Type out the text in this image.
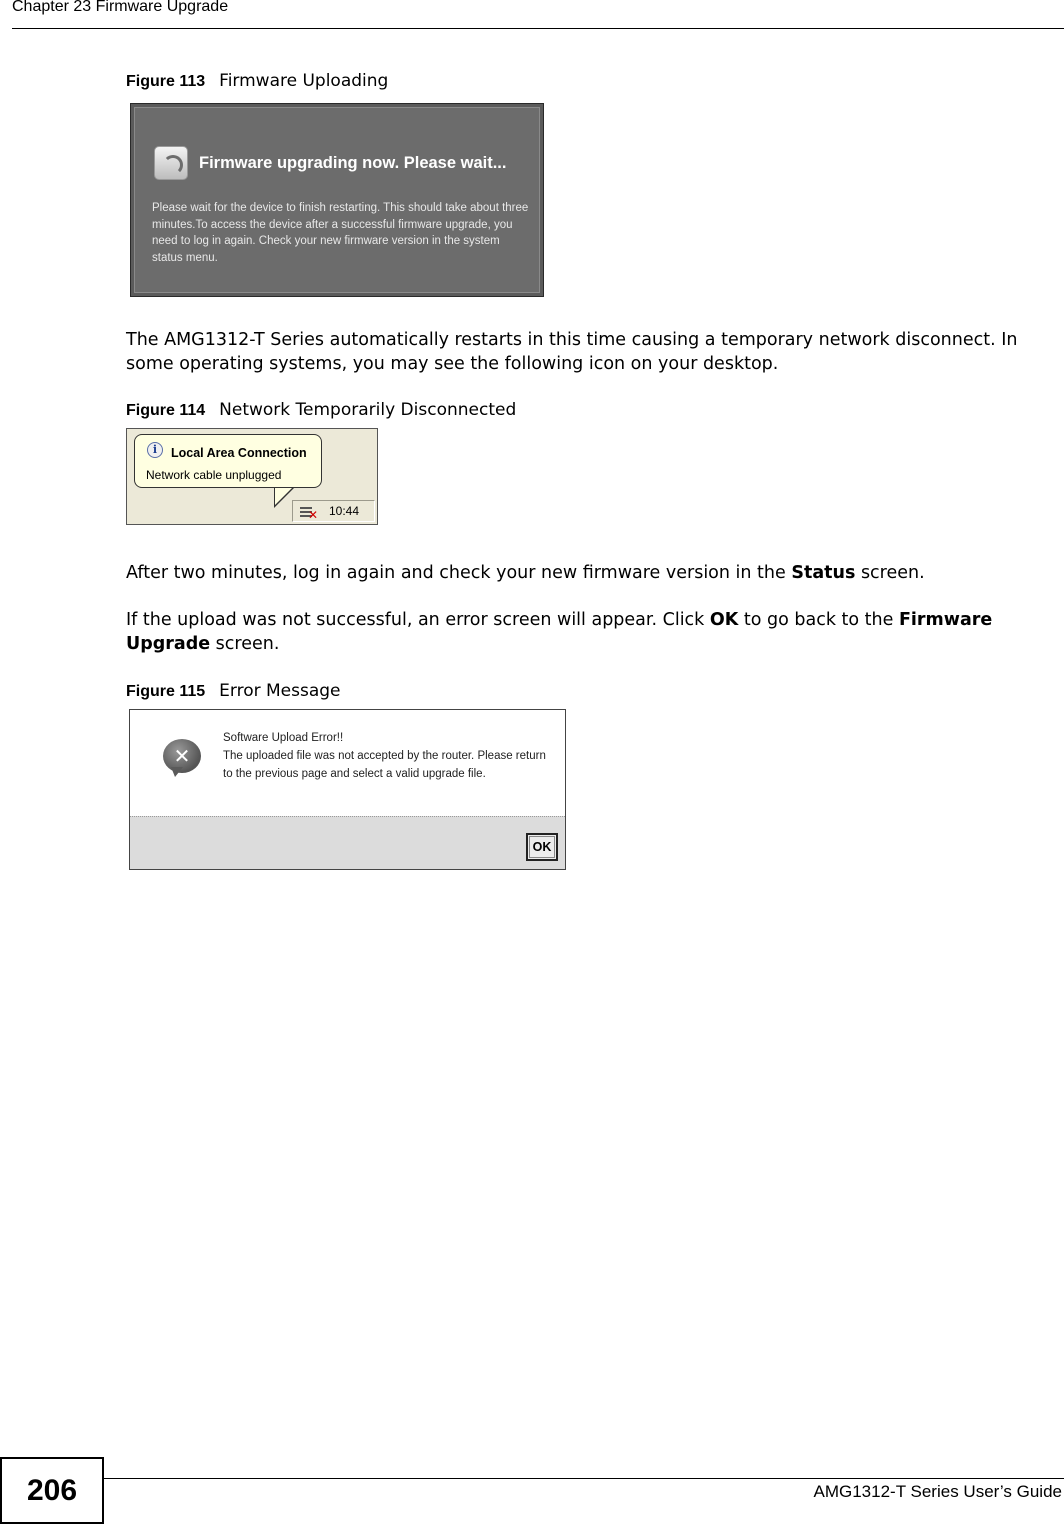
Chapter 23 Firmware Upgrade
Figure 113 Firmware Uploading
Firmware upgrading now. Please wait...
Please wait for the device to finish restarting. This should take about three minutes.To access the device after a successful firmware upgrade, you need to log in again. Check your new firmware version in the system status menu.
The AMG1312-T Series automatically restarts in this time causing a temporary network disconnect. In some operating systems, you may see the following icon on your desktop.
Figure 114 Network Temporarily Disconnected
✕ 10:44
i	Local Area Connection
Network cable unplugged
After two minutes, log in again and check your new firmware version in the Status screen.
If the upload was not successful, an error screen will appear. Click OK to go back to the Firmware Upgrade screen.
Figure 115 Error Message
✕
Software Upload Error!!
The uploaded file was not accepted by the router. Please return to the previous page and select a valid upgrade file.
OK
206	AMG1312-T Series User’s Guide
